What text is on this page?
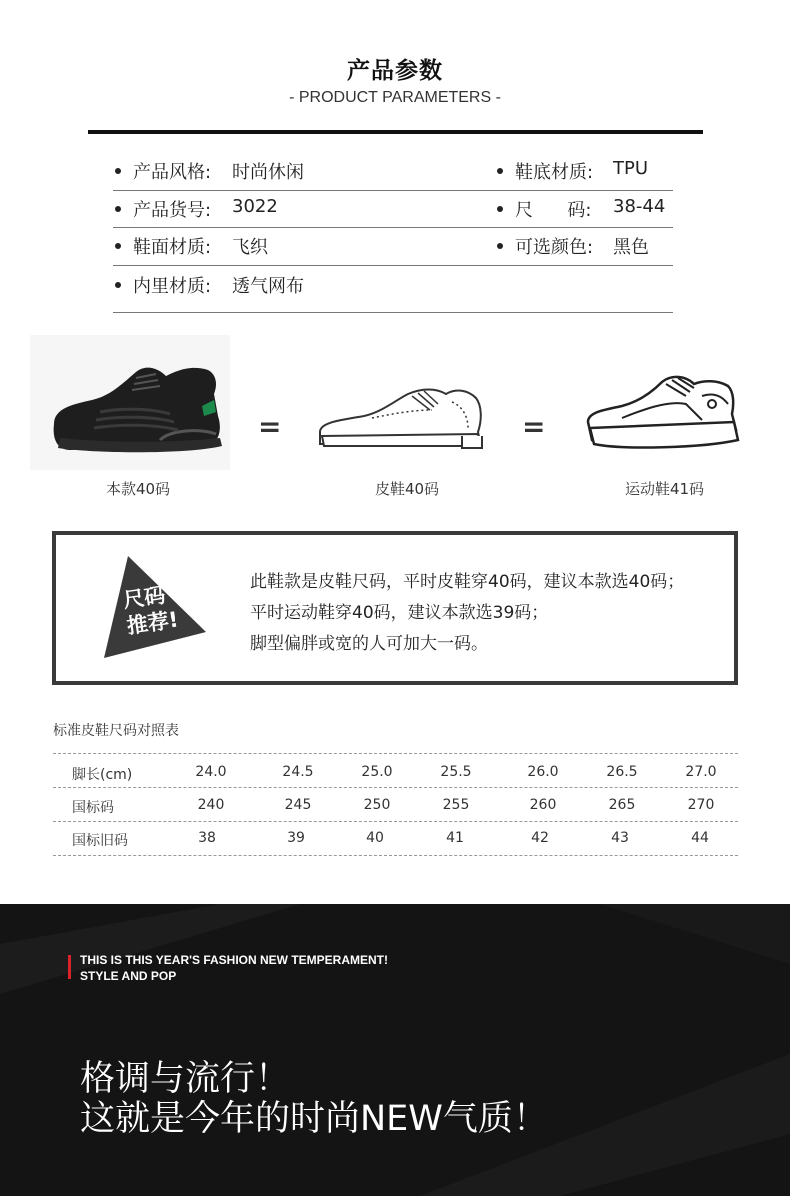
产品参数
- PRODUCT PARAMETERS -
产品风格: 时尚休闲	鞋底材质: TPU
产品货号: 3022	尺      码: 38-44
鞋面材质: 飞织	可选颜色: 黑色
内里材质: 透气网布
本款40码
=
皮鞋40码
=
运动鞋41码
尺码
推荐!
此鞋款是皮鞋尺码，平时皮鞋穿40码，建议本款选40码；
平时运动鞋穿40码，建议本款选39码；
脚型偏胖或宽的人可加大一码。
标准皮鞋尺码对照表
脚长(cm)	24.0	24.5	25.0	25.5	26.0	26.5	27.0
国标码	240	245	250	255	260	265	270
国标旧码	38	39	40	41	42	43	44
THIS IS THIS YEAR'S FASHION NEW TEMPERAMENT!
STYLE AND POP
格调与流行！
这就是今年的时尚NEW气质！
